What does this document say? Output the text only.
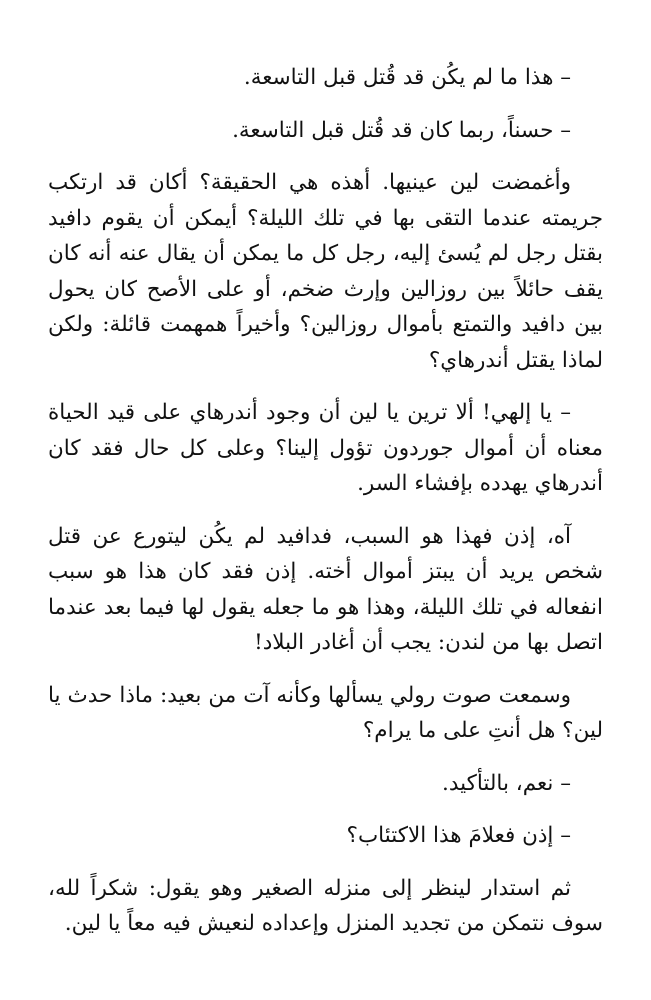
– هذا ما لم يكُن قد قُتل قبل التاسعة.

– حسناً، ربما كان قد قُتل قبل التاسعة.

وأغمضت لين عينيها. أهذه هي الحقيقة؟ أكان قد ارتكب جريمته عندما التقى بها في تلك الليلة؟ أيمكن أن يقوم دافيد بقتل رجل لم يُسئ إليه، رجل كل ما يمكن أن يقال عنه أنه كان يقف حائلاً بين روزالين وإرث ضخم، أو على الأصح كان يحول بين دافيد والتمتع بأموال روزالين؟ وأخيراً همهمت قائلة: ولكن لماذا يقتل أندرهاي؟

– يا إلهي! ألا ترين يا لين أن وجود أندرهاي على قيد الحياة معناه أن أموال جوردون تؤول إلينا؟ وعلى كل حال فقد كان أندرهاي يهدده بإفشاء السر.

آه، إذن فهذا هو السبب، فدافيد لم يكُن ليتورع عن قتل شخص يريد أن يبتز أموال أخته. إذن فقد كان هذا هو سبب انفعاله في تلك الليلة، وهذا هو ما جعله يقول لها فيما بعد عندما اتصل بها من لندن: يجب أن أغادر البلاد!

وسمعت صوت رولي يسألها وكأنه آت من بعيد: ماذا حدث يا لين؟ هل أنتِ على ما يرام؟

– نعم، بالتأكيد.

– إذن فعلامَ هذا الاكتئاب؟

ثم استدار لينظر إلى منزله الصغير وهو يقول: شكراً لله، سوف نتمكن من تجديد المنزل وإعداده لنعيش فيه معاً يا لين.
